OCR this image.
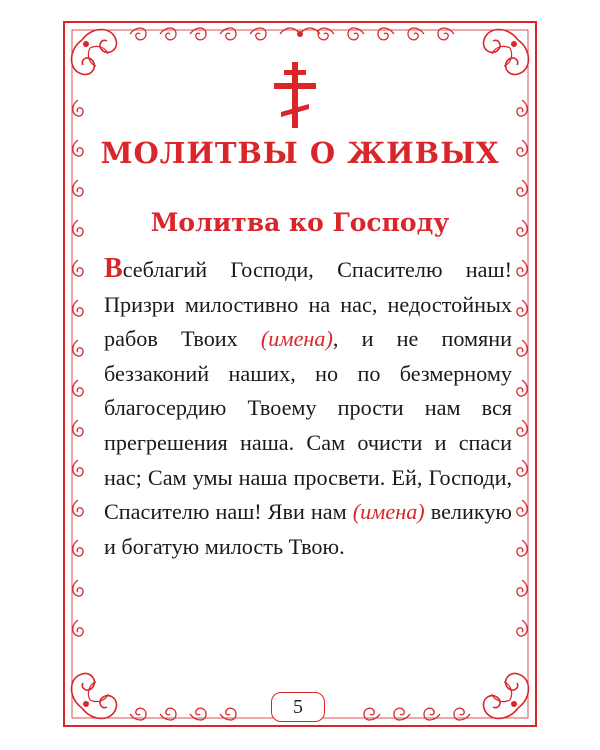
МОЛИТВЫ О ЖИВЫХ
Молитва ко Господу

Всеблагий Господи, Спасителю наш! Призри милостивно на нас, недостойных рабов Твоих (имена), и не помяни беззаконий наших, но по безмерному благосердию Твоему прости нам вся прегрешения наша. Сам очисти и спаси нас; Сам умы наша просвети. Ей, Господи, Спасителю наш! Яви нам (имена) великую и богатую милость Твою.

5
